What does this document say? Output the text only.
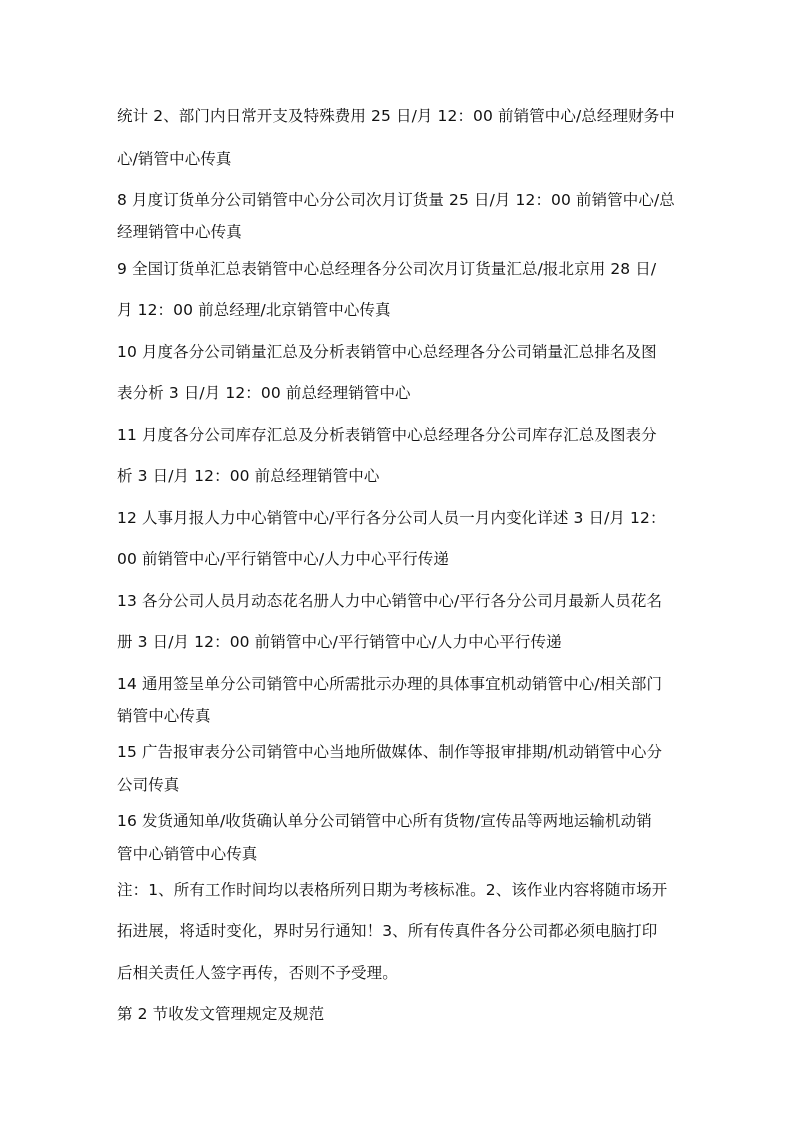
统计 2、部门内日常开支及特殊费用 25 日/月 12：00 前销管中心/总经理财务中
心/销管中心传真
8 月度订货单分公司销管中心分公司次月订货量 25 日/月 12：00 前销管中心/总
经理销管中心传真
9 全国订货单汇总表销管中心总经理各分公司次月订货量汇总/报北京用 28 日/
月 12：00 前总经理/北京销管中心传真
10 月度各分公司销量汇总及分析表销管中心总经理各分公司销量汇总排名及图
表分析 3 日/月 12：00 前总经理销管中心
11 月度各分公司库存汇总及分析表销管中心总经理各分公司库存汇总及图表分
析 3 日/月 12：00 前总经理销管中心
12 人事月报人力中心销管中心/平行各分公司人员一月内变化详述 3 日/月 12：
00 前销管中心/平行销管中心/人力中心平行传递
13 各分公司人员月动态花名册人力中心销管中心/平行各分公司月最新人员花名
册 3 日/月 12：00 前销管中心/平行销管中心/人力中心平行传递
14 通用签呈单分公司销管中心所需批示办理的具体事宜机动销管中心/相关部门
销管中心传真
15 广告报审表分公司销管中心当地所做媒体、制作等报审排期/机动销管中心分
公司传真
16 发货通知单/收货确认单分公司销管中心所有货物/宣传品等两地运输机动销
管中心销管中心传真
注：1、所有工作时间均以表格所列日期为考核标准。2、该作业内容将随市场开
拓进展，将适时变化，界时另行通知！3、所有传真件各分公司都必须电脑打印
后相关责任人签字再传，否则不予受理。
第 2 节收发文管理规定及规范
